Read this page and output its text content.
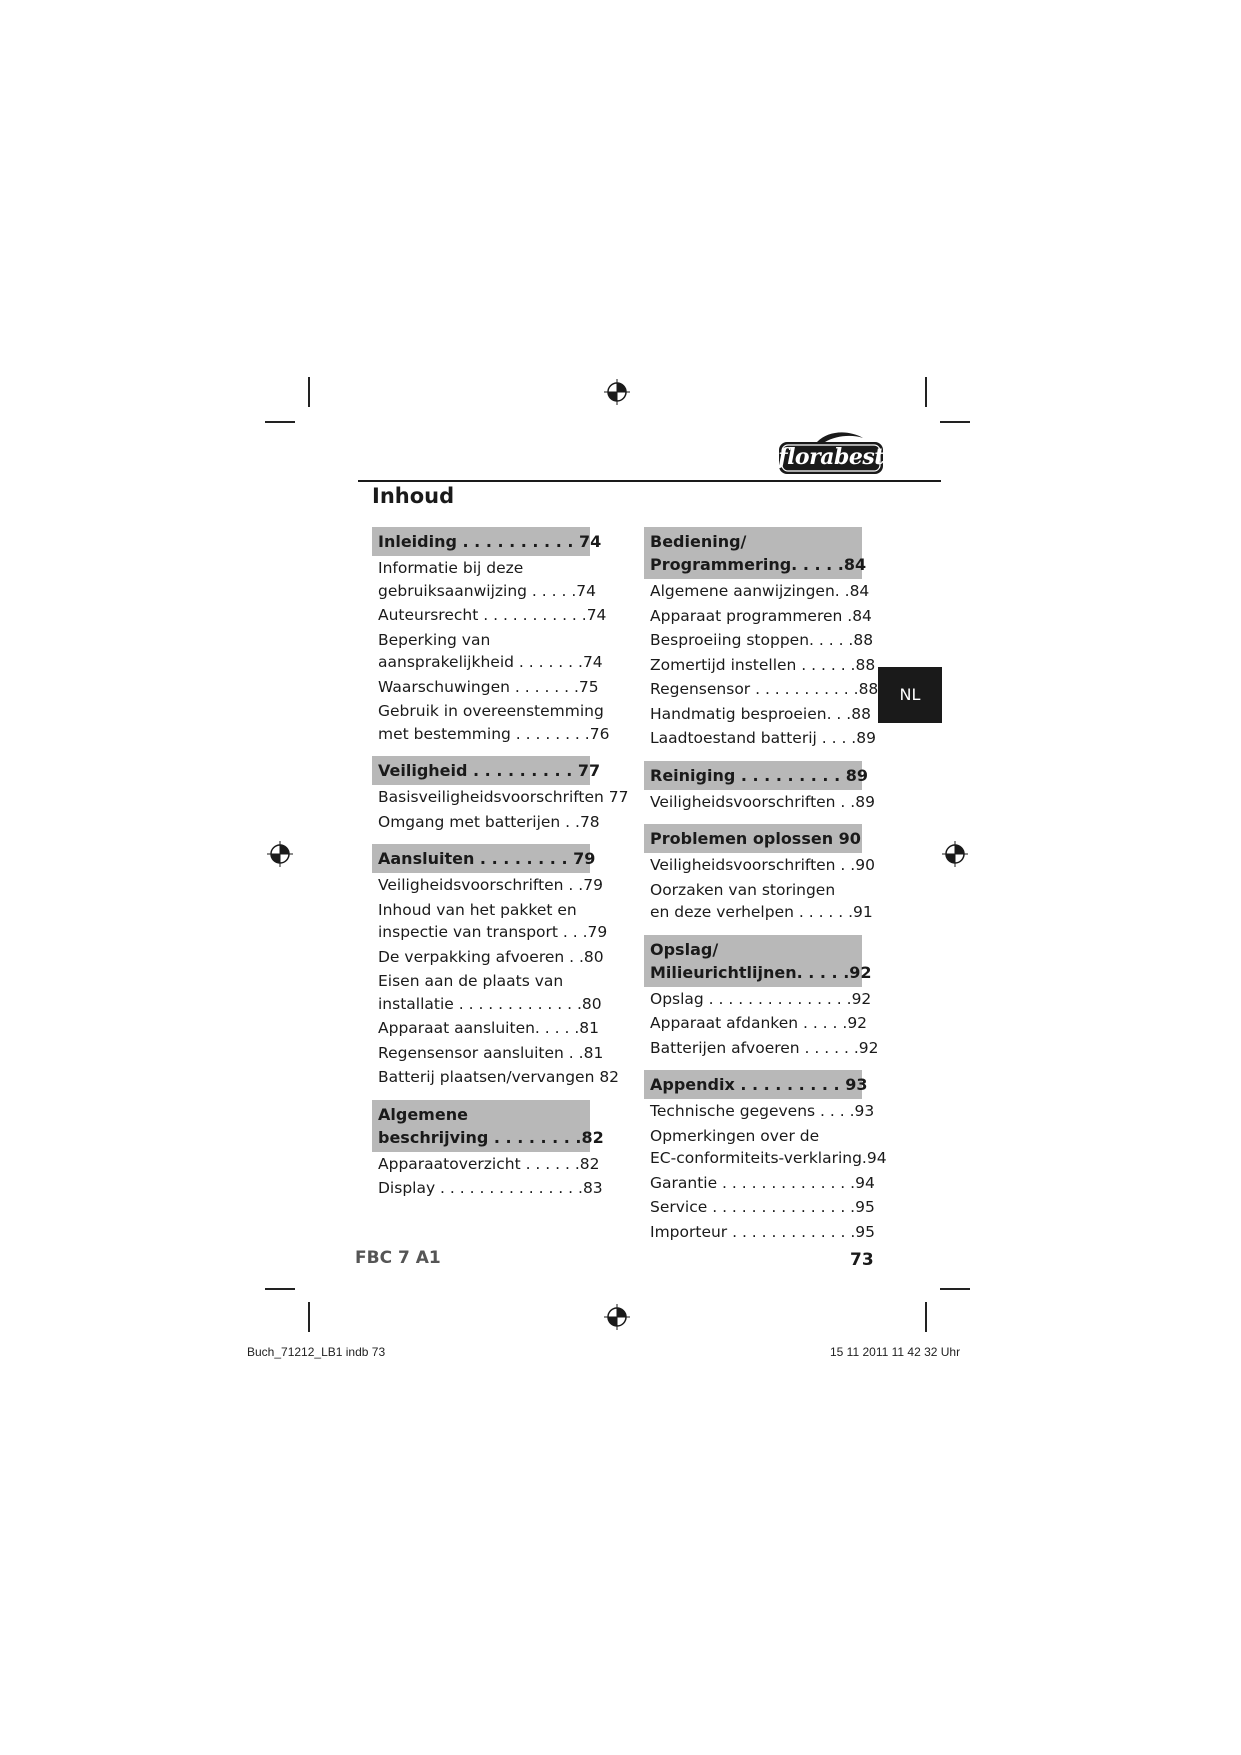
florabest
Inhoud
Inleiding . . . . . . . . . . 74
Informatie bij deze
gebruiksaanwijzing . . . . .74
Auteursrecht . . . . . . . . . . .74
Beperking van
aansprakelijkheid . . . . . . .74
Waarschuwingen . . . . . . .75
Gebruik in overeenstemming
met bestemming . . . . . . . .76
Veiligheid . . . . . . . . . 77
Basisveiligheidsvoorschriften 77
Omgang met batterijen . .78
Aansluiten . . . . . . . . 79
Veiligheidsvoorschriften . .79
Inhoud van het pakket en
inspectie van transport . . .79
De verpakking afvoeren . .80
Eisen aan de plaats van
installatie . . . . . . . . . . . . .80
Apparaat aansluiten. . . . .81
Regensensor aansluiten . .81
Batterij plaatsen/vervangen 82
Algemene
beschrijving . . . . . . . .82
Apparaatoverzicht . . . . . .82
Display . . . . . . . . . . . . . . .83
Bediening/
Programmering. . . . .84
Algemene aanwijzingen. .84
Apparaat programmeren .84
Besproeiing stoppen. . . . .88
Zomertijd instellen . . . . . .88
Regensensor . . . . . . . . . . .88
Handmatig besproeien. . .88
Laadtoestand batterij . . . .89
Reiniging . . . . . . . . . 89
Veiligheidsvoorschriften . .89
Problemen oplossen 90
Veiligheidsvoorschriften . .90
Oorzaken van storingen
en deze verhelpen . . . . . .91
Opslag/
Milieurichtlijnen. . . . .92
Opslag . . . . . . . . . . . . . . .92
Apparaat afdanken . . . . .92
Batterijen afvoeren . . . . . .92
Appendix . . . . . . . . . 93
Technische gegevens . . . .93
Opmerkingen over de
EC-conformiteits-verklaring.94
Garantie . . . . . . . . . . . . . .94
Service . . . . . . . . . . . . . . .95
Importeur . . . . . . . . . . . . .95
NL
FBC 7 A1	73
Buch_71212_LB1 indb 73	15 11 2011 11 42 32 Uhr
